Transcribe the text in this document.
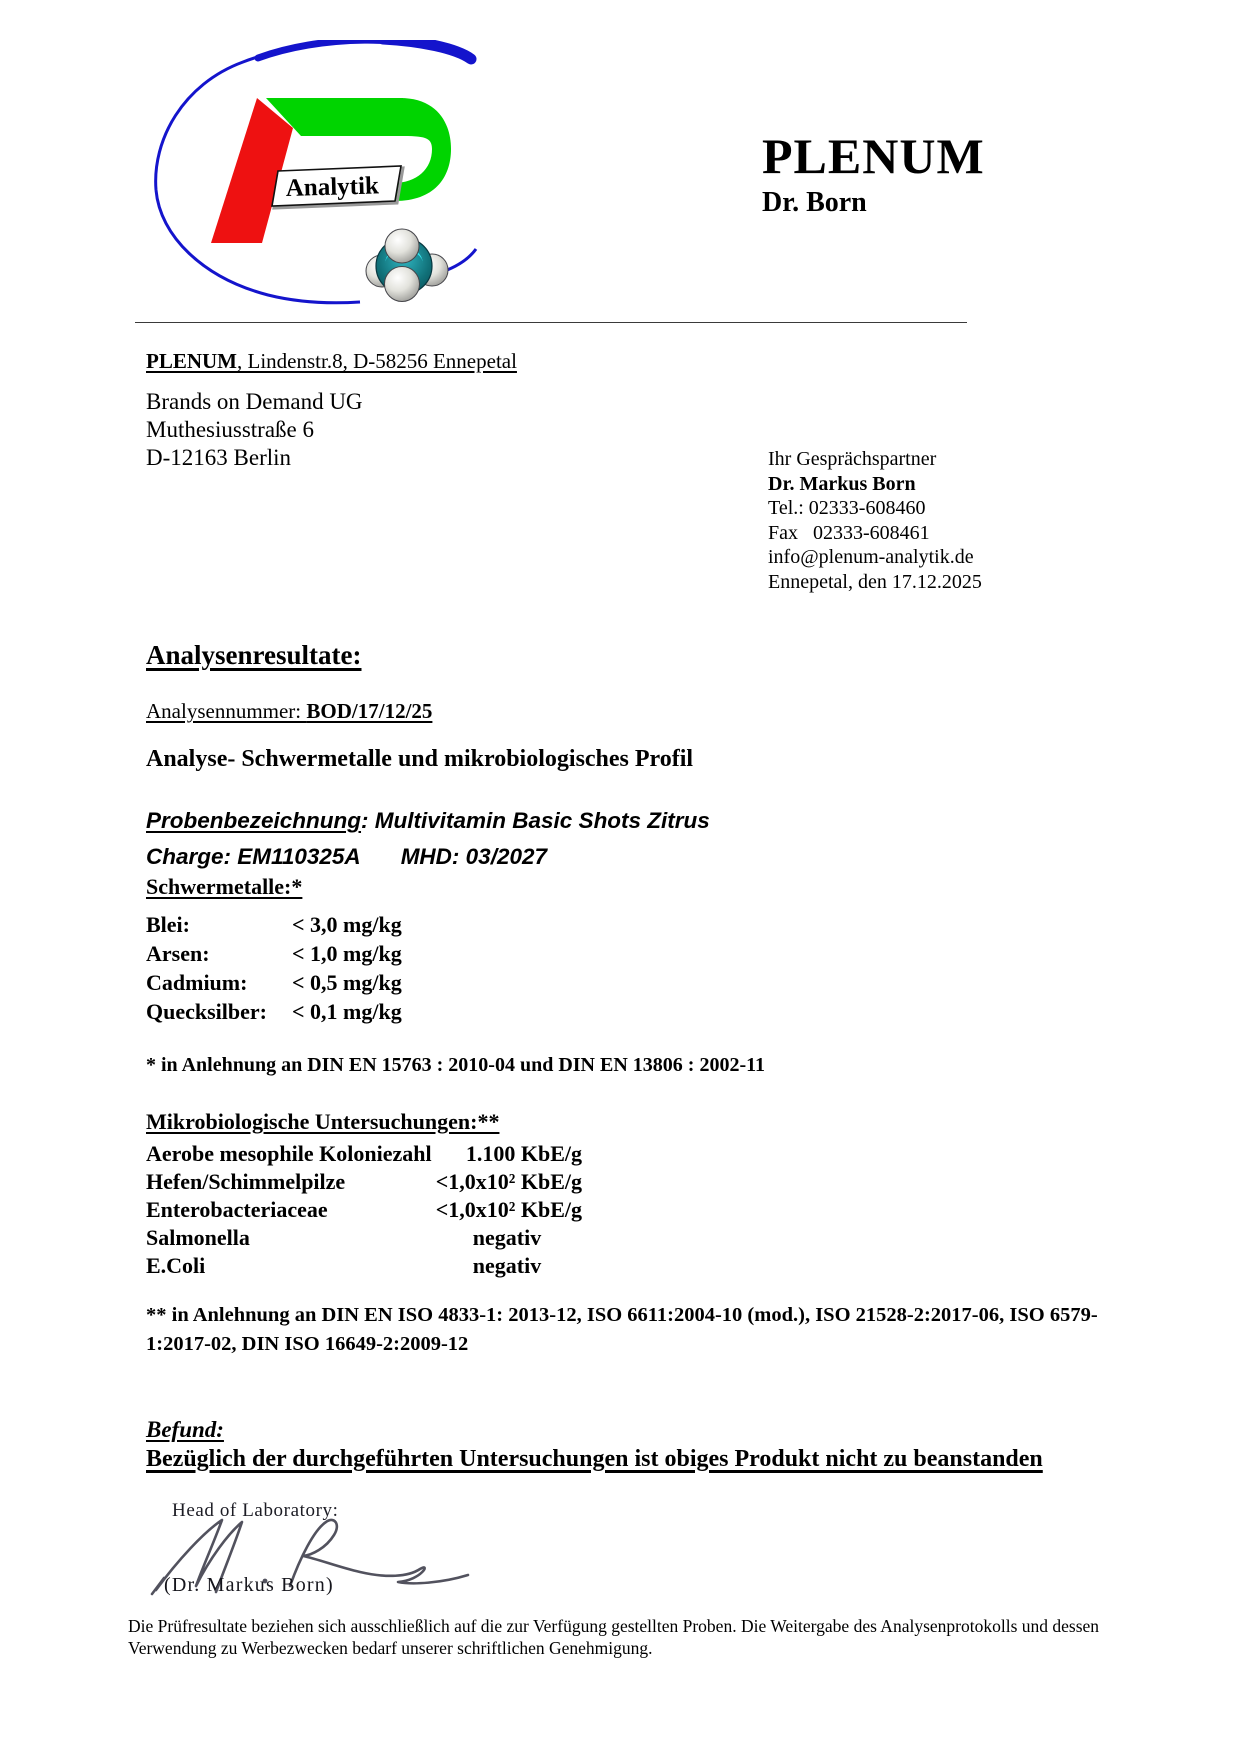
Analytik
PLENUM
Dr. Born
PLENUM, Lindenstr.8, D-58256 Ennepetal
Brands on Demand UG
Muthesiusstraße 6
D-12163 Berlin	Ihr Gesprächspartner
Dr. Markus Born
Tel.: 02333-608460
Fax   02333-608461
info@plenum-analytik.de
Ennepetal, den 17.12.2025
Analysenresultate:
Analysennummer: BOD/17/12/25
Analyse- Schwermetalle und mikrobiologisches Profil
Probenbezeichnung: Multivitamin Basic Shots Zitrus
Charge: EM110325A MHD: 03/2027
Schwermetalle:*
Blei:	< 3,0 mg/kg
Arsen:	< 1,0 mg/kg
Cadmium:	< 0,5 mg/kg
Quecksilber:	< 0,1 mg/kg
* in Anlehnung an DIN EN 15763 : 2010-04 und DIN EN 13806 : 2002-11
Mikrobiologische Untersuchungen:**
Aerobe mesophile Koloniezahl	1.100 KbE/g
Hefen/Schimmelpilze	<1,0x10² KbE/g
Enterobacteriaceae	<1,0x10² KbE/g
Salmonella	negativ
E.Coli	negativ
** in Anlehnung an DIN EN ISO 4833-1: 2013-12, ISO 6611:2004-10 (mod.), ISO 21528-2:2017-06, ISO 6579-1:2017-02, DIN ISO 16649-2:2009-12
Befund:
Bezüglich der durchgeführten Untersuchungen ist obiges Produkt nicht zu beanstanden
Head of Laboratory:
(Dr. Markus Born)
Die Prüfresultate beziehen sich ausschließlich auf die zur Verfügung gestellten Proben. Die Weitergabe des Analysenprotokolls und dessen Verwendung zu Werbezwecken bedarf unserer schriftlichen Genehmigung.
